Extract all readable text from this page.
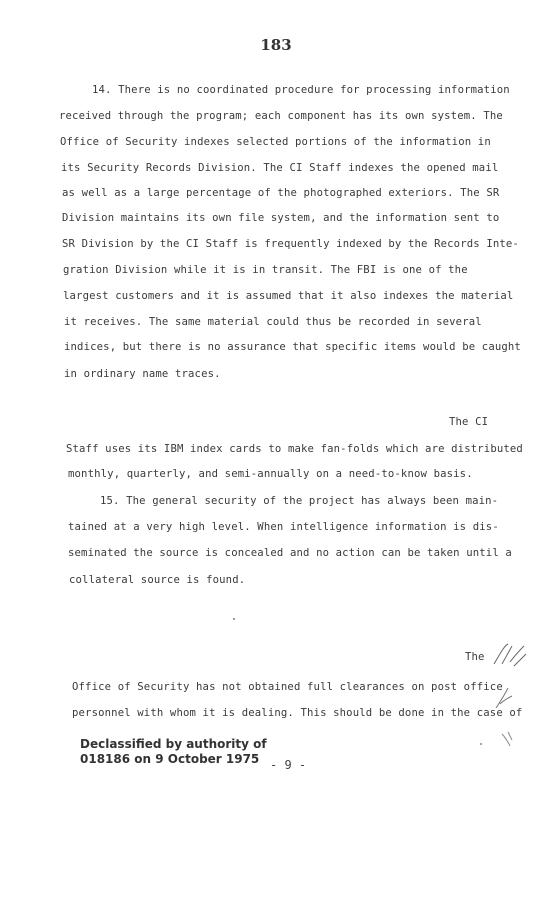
183
14. There is no coordinated procedure for processing information
received through the program; each component has its own system. The
Office of Security indexes selected portions of the information in
its Security Records Division. The CI Staff indexes the opened mail
as well as a large percentage of the photographed exteriors. The SR
Division maintains its own file system, and the information sent to
SR Division by the CI Staff is frequently indexed by the Records Inte-
gration Division while it is in transit. The FBI is one of the
largest customers and it is assumed that it also indexes the material
it receives. The same material could thus be recorded in several
indices, but there is no assurance that specific items would be caught
in ordinary name traces.
The CI
Staff uses its IBM index cards to make fan-folds which are distributed
monthly, quarterly, and semi-annually on a need-to-know basis.
15. The general security of the project has always been main-
tained at a very high level. When intelligence information is dis-
seminated the source is concealed and no action can be taken until a
collateral source is found.
The
Office of Security has not obtained full clearances on post office
personnel with whom it is dealing. This should be done in the case of
Declassified by authority of
018186 on 9 October 1975 - 9 -
